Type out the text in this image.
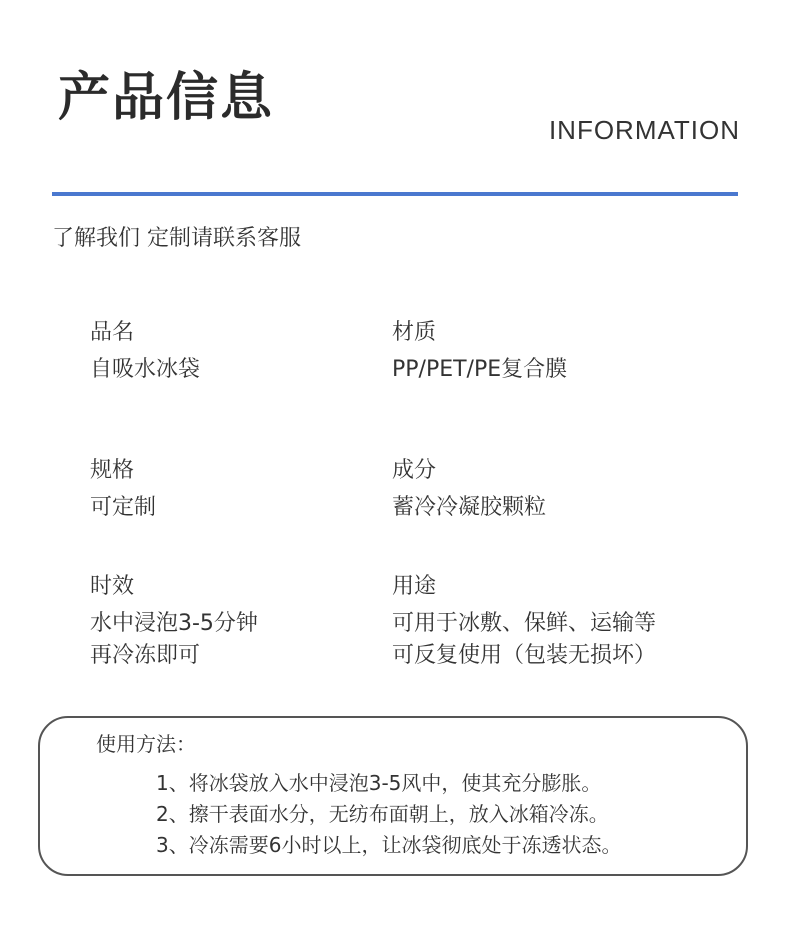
产品信息
INFORMATION
了解我们 定制请联系客服
品名
自吸水冰袋
材质
PP/PET/PE复合膜
规格
可定制
成分
蓄冷冷凝胶颗粒
时效
水中浸泡3-5分钟
再冷冻即可
用途
可用于冰敷、保鲜、运输等
可反复使用（包装无损坏）
使用方法：
1、将冰袋放入水中浸泡3-5风中，使其充分膨胀。
2、擦干表面水分，无纺布面朝上，放入冰箱冷冻。
3、冷冻需要6小时以上，让冰袋彻底处于冻透状态。
